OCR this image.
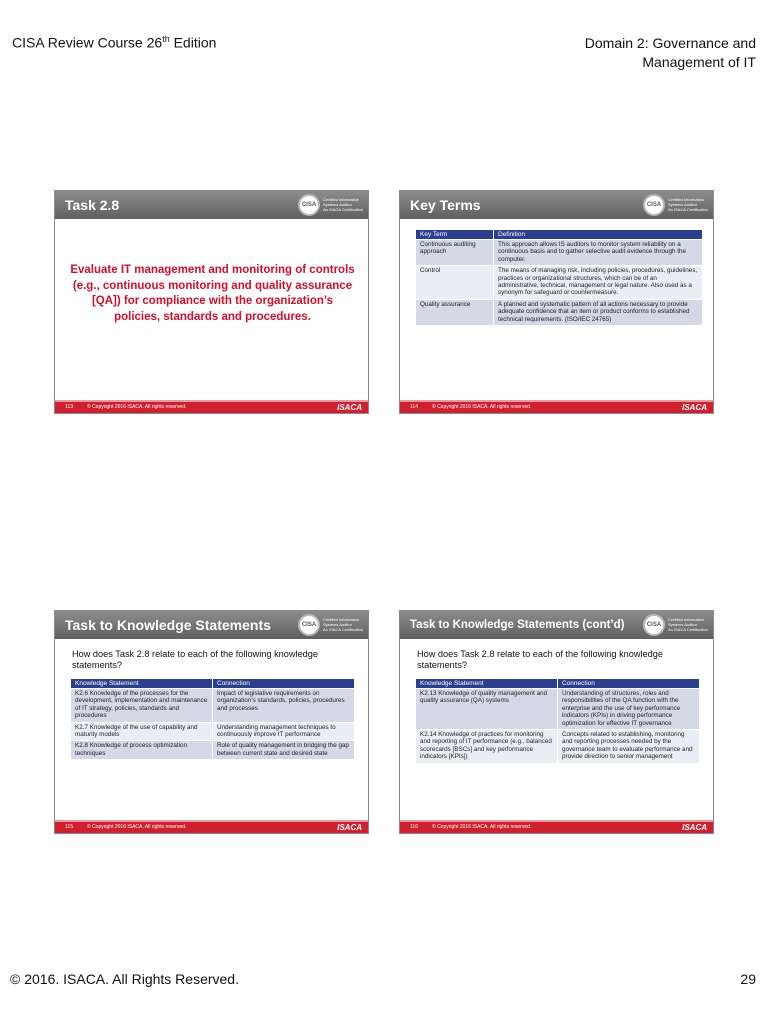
CISA Review Course 26th Edition	Domain 2: Governance and
Management of IT
Task 2.8	CISA
Certified Information
Systems Auditor
An ISACA Certification
Evaluate IT management and monitoring of controls (e.g., continuous monitoring and quality assurance [QA]) for compliance with the organization’s policies, standards and procedures.
113	© Copyright 2016 ISACA. All rights reserved.	ISACA
Key Terms	CISA
Certified Information
Systems Auditor
An ISACA Certification
Key Term	Definition
Continuous auditing approach	This approach allows IS auditors to monitor system reliability on a continuous basis and to gather selective audit evidence through the computer.
Control	The means of managing risk, including policies, procedures, guidelines, practices or organizational structures, which can be of an administrative, technical, management or legal nature. Also used as a synonym for safeguard or countermeasure.
Quality assurance	A planned and systematic pattern of all actions necessary to provide adequate confidence that an item or product conforms to established technical requirements. (ISO/IEC 24765)
114	© Copyright 2016 ISACA. All rights reserved.	ISACA
Task to Knowledge Statements	CISA
Certified Information
Systems Auditor
An ISACA Certification
How does Task 2.8 relate to each of the following knowledge statements?
Knowledge Statement	Connection
K2.6 Knowledge of the processes for the development, implementation and maintenance of IT strategy, policies, standards and procedures	Impact of legislative requirements on organization’s standards, policies, procedures and processes
K2.7 Knowledge of the use of capability and maturity models	Understanding management techniques to continuously improve IT performance
K2.8 Knowledge of process optimization techniques	Role of quality management in bridging the gap between current state and desired state
115	© Copyright 2016 ISACA. All rights reserved.	ISACA
Task to Knowledge Statements (cont’d)	CISA
Certified Information
Systems Auditor
An ISACA Certification
How does Task 2.8 relate to each of the following knowledge statements?
Knowledge Statement	Connection
K2.13 Knowledge of quality management and quality assurance (QA) systems	Understanding of structures, roles and responsibilities of the QA function with the enterprise and the use of key performance indicators (KPIs) in driving performance optimization for effective IT governance
K2.14 Knowledge of practices for monitoring and reporting of IT performance (e.g., balanced scorecards [BSCs] and key performance indicators [KPIs])	Concepts related to establishing, monitoring and reporting processes needed by the governance team to evaluate performance and provide direction to senior management
116	© Copyright 2016 ISACA. All rights reserved.	ISACA
© 2016. ISACA. All Rights Reserved.	29
